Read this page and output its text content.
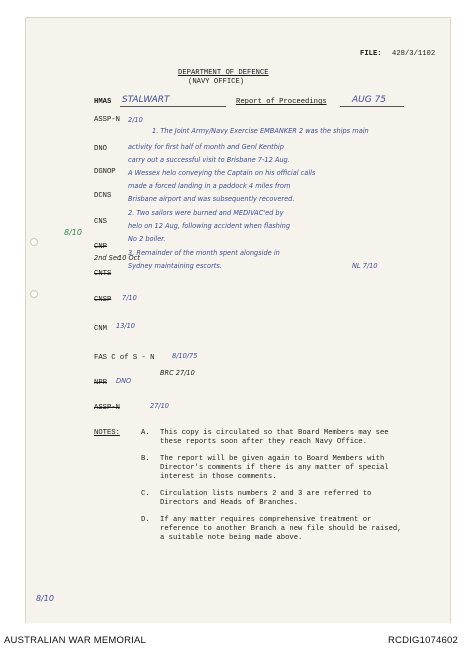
FILE: 428/3/1102
DEPARTMENT OF DEFENCE
(NAVY OFFICE)
HMAS STALWART	Report of Proceedings	AUG 75
ASSP-N 2/10
DNO
DGNOP
DCNS
CNS
CNP
2nd Sec
10 Oct
CNTS
CNSP 7/10
CNM 13/10
8/10
1. The Joint Army/Navy Exercise EMBANKER 2 was the ships main
activity for first half of month and Genl Kenthip
carry out a successful visit to Brisbane 7-12 Aug.
A Wessex helo conveying the Captain on his official calls
made a forced landing in a paddock 4 miles from
Brisbane airport and was subsequently recovered.
2. Two sailors were burned and MEDIVAC'ed by
helo on 12 Aug, following accident when flashing
No 2 boiler.
3. Remainder of the month spent alongside in
Sydney maintaining escorts.	NL 7/10
FAS C of S - N	8/10/75
NPR DNO
BRC 27/10
ASSP-N	27/10
NOTES:	A. This copy is circulated so that Board Members may see
these reports soon after they reach Navy Office.
B. The report will be given again to Board Members with
Director's comments if there is any matter of special
interest in those comments.
C. Circulation lists numbers 2 and 3 are referred to
Directors and Heads of Branches.
D. If any matter requires comprehensive treatment or
reference to another Branch a new file should be raised,
a suitable note being made above.
8/10
AUSTRALIAN WAR MEMORIAL	RCDIG1074602
